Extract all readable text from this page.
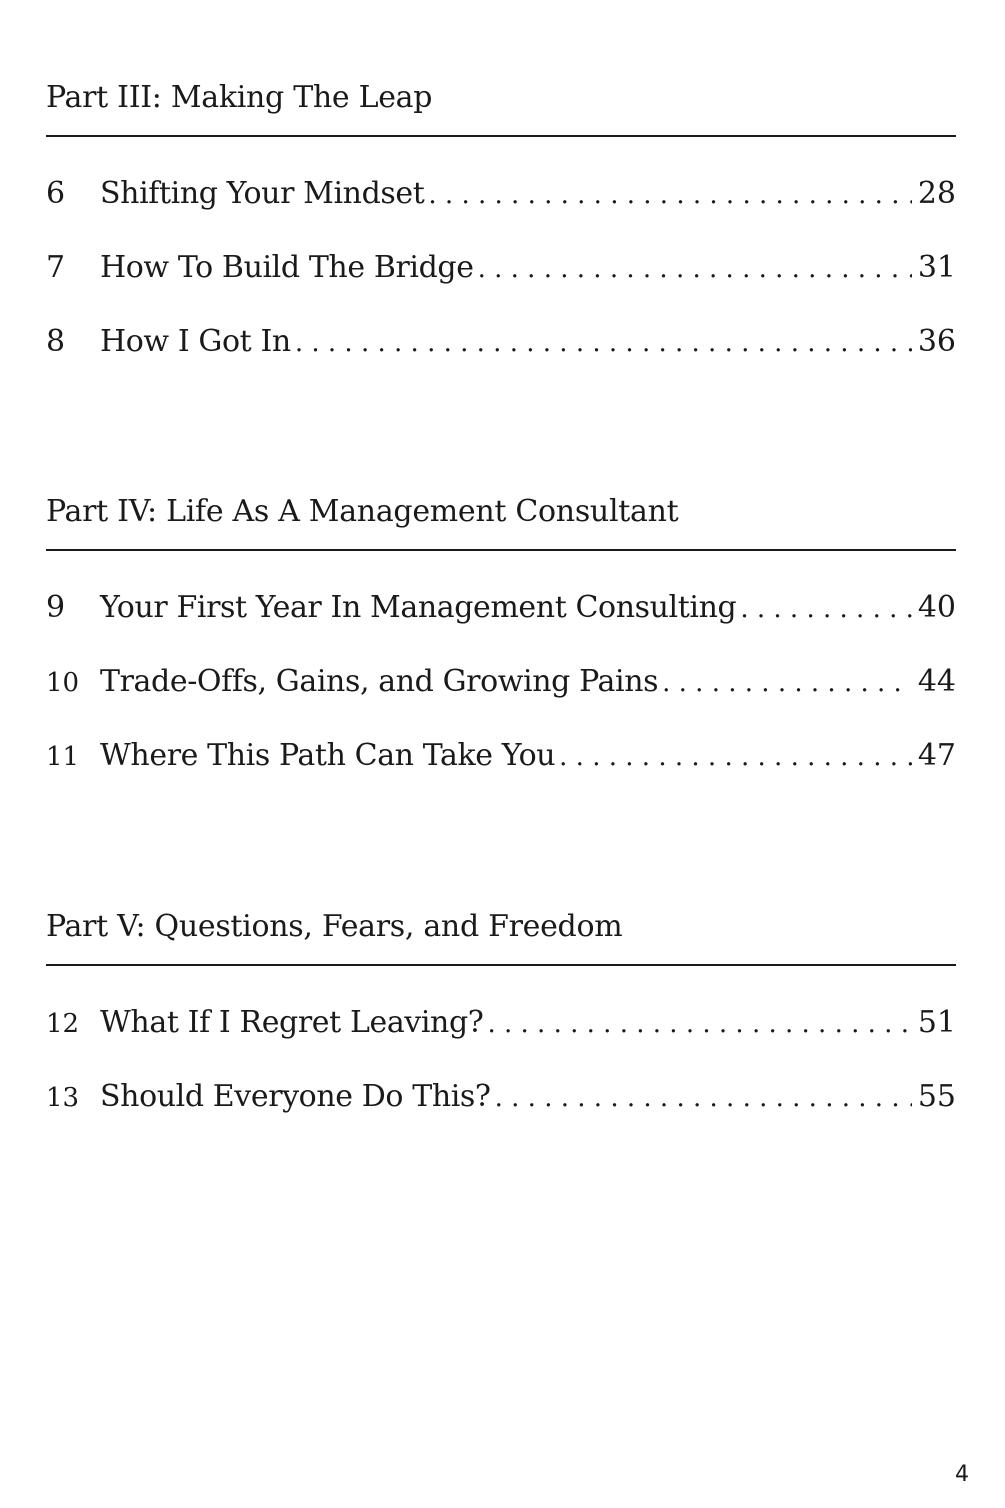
Part III: Making The Leap
6	Shifting Your Mindset . . .	28
7	How To Build The Bridge . . .	31
8	How I Got In . . .	36
Part IV: Life As A Management Consultant
9	Your First Year In Management Consulting . . .	40
10 Trade-Offs, Gains, and Growing Pains . . .	44
11 Where This Path Can Take You . . .	47
Part V: Questions, Fears, and Freedom
12 What If I Regret Leaving? . . .	51
13 Should Everyone Do This? . . .	55
4
